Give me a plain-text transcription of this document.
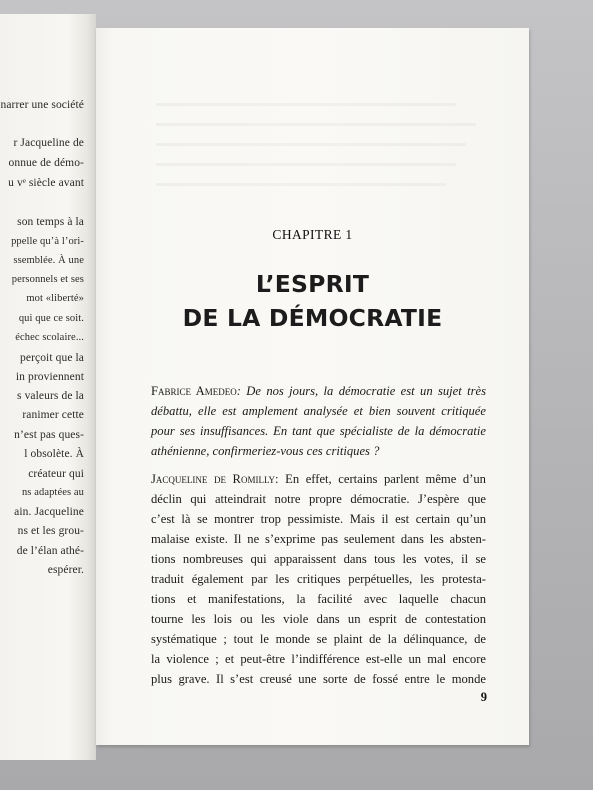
narrer une société
r Jacqueline de
onnue de démo-
u vᵉ siècle avant
son temps à la
ppelle qu’à l’ori-
ssemblée. À une
personnels et ses
mot «liberté»
qui que ce soit.
échec scolaire...
perçoit que la
in proviennent
s valeurs de la
ranimer cette
n’est pas ques-
l obsolète. À
créateur qui
ns adaptées au
ain. Jacqueline
ns et les grou-
de l’élan athé-
espérer.
CHAPITRE 1
L’ESPRIT
DE LA DÉMOCRATIE
Fabrice Amedeo: De nos jours, la démocratie est un sujet très
débattu, elle est amplement analysée et bien souvent critiquée
pour ses insuffisances. En tant que spécialiste de la démocratie
athénienne, confirmeriez-vous ces critiques ?
Jacqueline de Romilly: En effet, certains parlent même d’un
déclin qui atteindrait notre propre démocratie. J’espère que
c’est là se montrer trop pessimiste. Mais il est certain qu’un
malaise existe. Il ne s’exprime pas seulement dans les absten-
tions nombreuses qui apparaissent dans tous les votes, il se
traduit également par les critiques perpétuelles, les protesta-
tions et manifestations, la facilité avec laquelle chacun
tourne les lois ou les viole dans un esprit de contestation
systématique ; tout le monde se plaint de la délinquance, de
la violence ; et peut-être l’indifférence est-elle un mal encore
plus grave. Il s’est creusé une sorte de fossé entre le monde
9
